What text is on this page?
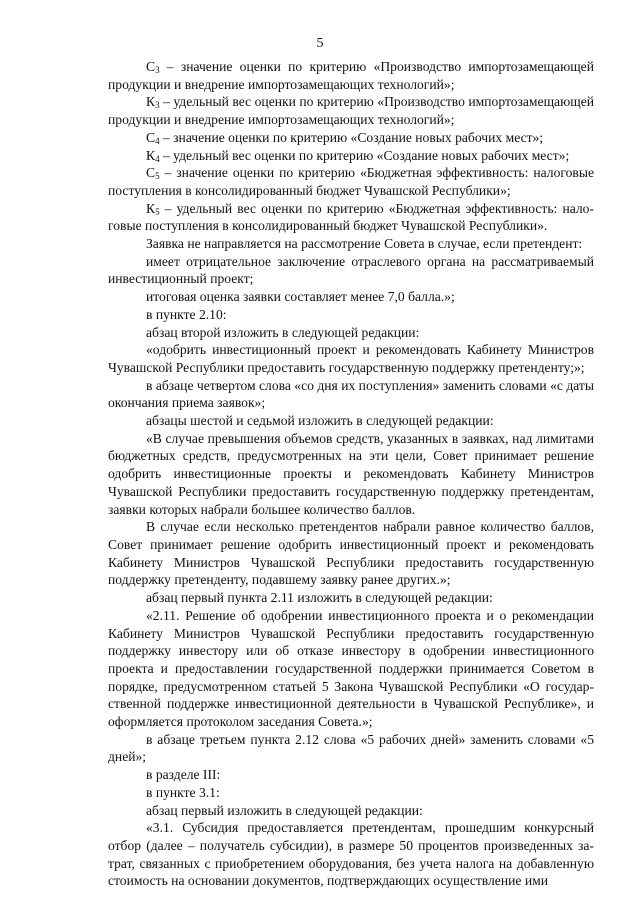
5

$С_3$ – значение оценки по критерию «Производство импортозамещающей продукции и внедрение импортозамещающих технологий»;

$К_3$ – удельный вес оценки по критерию «Производство импортозамещающей продукции и внедрение импортозамещающих технологий»;

$С_4$ – значение оценки по критерию «Создание новых рабочих мест»;

$К_4$ – удельный вес оценки по критерию «Создание новых рабочих мест»;

$С_5$ – значение оценки по критерию «Бюджетная эффективность: налоговые поступления в консолидированный бюджет Чувашской Республики»;

$К_5$ – удельный вес оценки по критерию «Бюджетная эффективность: налоговые поступления в консолидированный бюджет Чувашской Республики».

Заявка не направляется на рассмотрение Совета в случае, если претендент:

имеет отрицательное заключение отраслевого органа на рассматриваемый инвестиционный проект;

итоговая оценка заявки составляет менее 7,0 балла.»;

в пункте 2.10:

абзац второй изложить в следующей редакции:

«одобрить инвестиционный проект и рекомендовать Кабинету Министров Чувашской Республики предоставить государственную поддержку претенденту;»;

в абзаце четвертом слова «со дня их поступления» заменить словами «с даты окончания приема заявок»;

абзацы шестой и седьмой изложить в следующей редакции:

«В случае превышения объемов средств, указанных в заявках, над лимитами бюджетных средств, предусмотренных на эти цели, Совет принимает решение одобрить инвестиционные проекты и рекомендовать Кабинету Министров Чувашской Республики предоставить государственную поддержку претендентам, заявки которых набрали большее количество баллов.

В случае если несколько претендентов набрали равное количество баллов, Совет принимает решение одобрить инвестиционный проект и рекомендовать Кабинету Министров Чувашской Республики предоставить государственную поддержку претенденту, подавшему заявку ранее других.»;

абзац первый пункта 2.11 изложить в следующей редакции:

«2.11. Решение об одобрении инвестиционного проекта и о рекомендации Кабинету Министров Чувашской Республики предоставить государственную поддержку инвестору или об отказе инвестору в одобрении инвестиционного проекта и предоставлении государственной поддержки принимается Советом в порядке, предусмотренном статьей 5 Закона Чувашской Республики «О государственной поддержке инвестиционной деятельности в Чувашской Республике», и оформляется протоколом заседания Совета.»;

в абзаце третьем пункта 2.12 слова «5 рабочих дней» заменить словами «5 дней»;

в разделе III:

в пункте 3.1:

абзац первый изложить в следующей редакции:

«3.1. Субсидия предоставляется претендентам, прошедшим конкурсный отбор (далее – получатель субсидии), в размере 50 процентов произведенных затрат, связанных с приобретением оборудования, без учета налога на добавленную стоимость на основании документов, подтверждающих осуществление ими
